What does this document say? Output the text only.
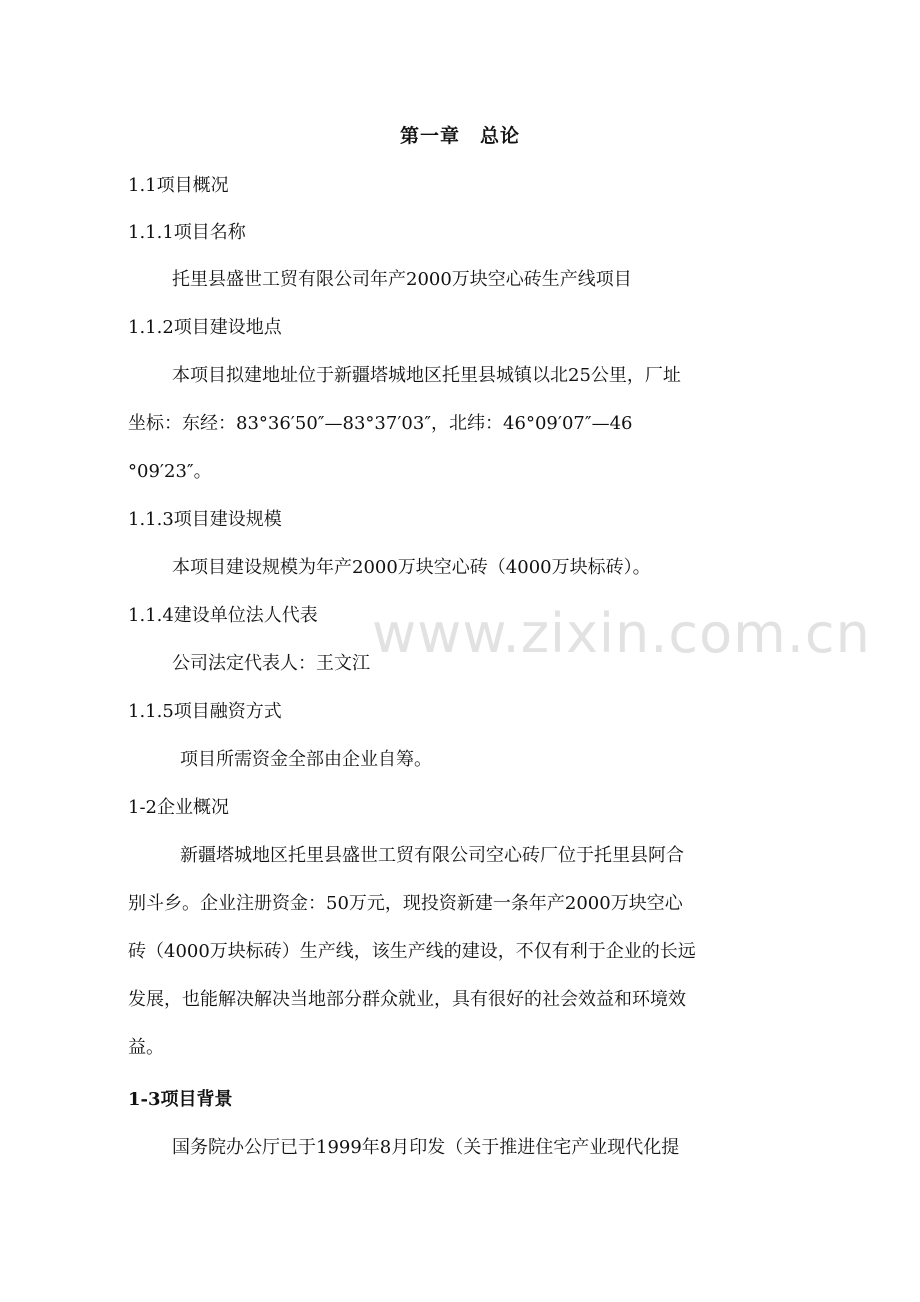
第一章　总论

1.1项目概况

1.1.1项目名称

托里县盛世工贸有限公司年产2000万块空心砖生产线项目

1.1.2项目建设地点

本项目拟建地址位于新疆塔城地区托里县城镇以北25公里，厂址

坐标：东经：83°36′50″—83°37′03″，北纬：46°09′07″—46

°09′23″。

1.1.3项目建设规模

本项目建设规模为年产2000万块空心砖（4000万块标砖）。

1.1.4建设单位法人代表

公司法定代表人：王文江

1.1.5项目融资方式

项目所需资金全部由企业自筹。

1-2企业概况

新疆塔城地区托里县盛世工贸有限公司空心砖厂位于托里县阿合

别斗乡。企业注册资金：50万元，现投资新建一条年产2000万块空心

砖（4000万块标砖）生产线，该生产线的建设，不仅有利于企业的长远

发展，也能解决解决当地部分群众就业，具有很好的社会效益和环境效

益。

1-3项目背景

国务院办公厅已于1999年8月印发（关于推进住宅产业现代化提

www.zixin.com.cn
